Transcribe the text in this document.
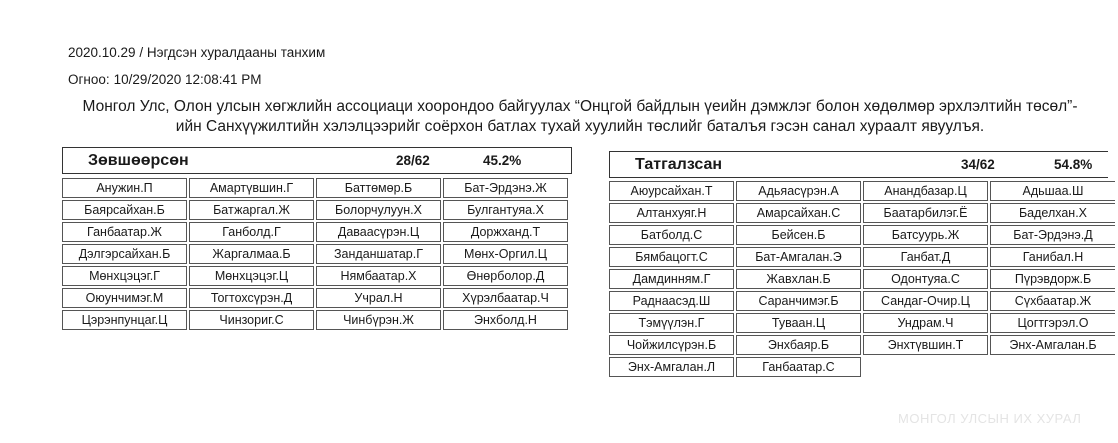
2020.10.29 / Нэгдсэн хуралдааны танхим
Огноо: 10/29/2020 12:08:41 PM
Монгол Улс, Олон улсын хөгжлийн ассоциаци хоорондоо байгуулах “Онцгой байдлын үеийн дэмжлэг болон хөдөлмөр эрхлэлтийн төсөл”-ийн Санхүүжилтийн хэлэлцээрийг соёрхон батлах тухай хуулийн төслийг баталъя гэсэн санал хураалт явуулъя.
Зөвшөөрсөн	28/62	45.2%
Анужин.П	Амартүвшин.Г	Баттөмөр.Б	Бат-Эрдэнэ.Ж
Баярсайхан.Б	Батжаргал.Ж	Болорчулуун.Х	Булгантуяа.Х
Ганбаатар.Ж	Ганболд.Г	Даваасүрэн.Ц	Доржханд.Т
Дэлгэрсайхан.Б	Жаргалмаа.Б	Занданшатар.Г	Мөнх-Оргил.Ц
Мөнхцэцэг.Г	Мөнхцэцэг.Ц	Нямбаатар.Х	Өнөрболор.Д
Оюунчимэг.М	Тогтохсүрэн.Д	Учрал.Н	Хүрэлбаатар.Ч
Цэрэнпунцаг.Ц	Чинзориг.С	Чинбүрэн.Ж	Энхболд.Н
Татгалзсан	34/62	54.8%
Аюурсайхан.Т	Адьяасүрэн.А	Анандбазар.Ц	Адьшаа.Ш
Алтанхуяг.Н	Амарсайхан.С	Баатарбилэг.Ё	Баделхан.Х
Батболд.С	Бейсен.Б	Батсуурь.Ж	Бат-Эрдэнэ.Д
Бямбацогт.С	Бат-Амгалан.Э	Ганбат.Д	Ганибал.Н
Дамдинням.Г	Жавхлан.Б	Одонтуяа.С	Пүрэвдорж.Б
Раднаасэд.Ш	Саранчимэг.Б	Сандаг-Очир.Ц	Сүхбаатар.Ж
Тэмүүлэн.Г	Туваан.Ц	Ундрам.Ч	Цогтгэрэл.О
Чойжилсүрэн.Б	Энхбаяр.Б	Энхтүвшин.Т	Энх-Амгалан.Б
Энх-Амгалан.Л	Ганбаатар.С
МОНГОЛ УЛСЫН ИХ ХУРАЛ
